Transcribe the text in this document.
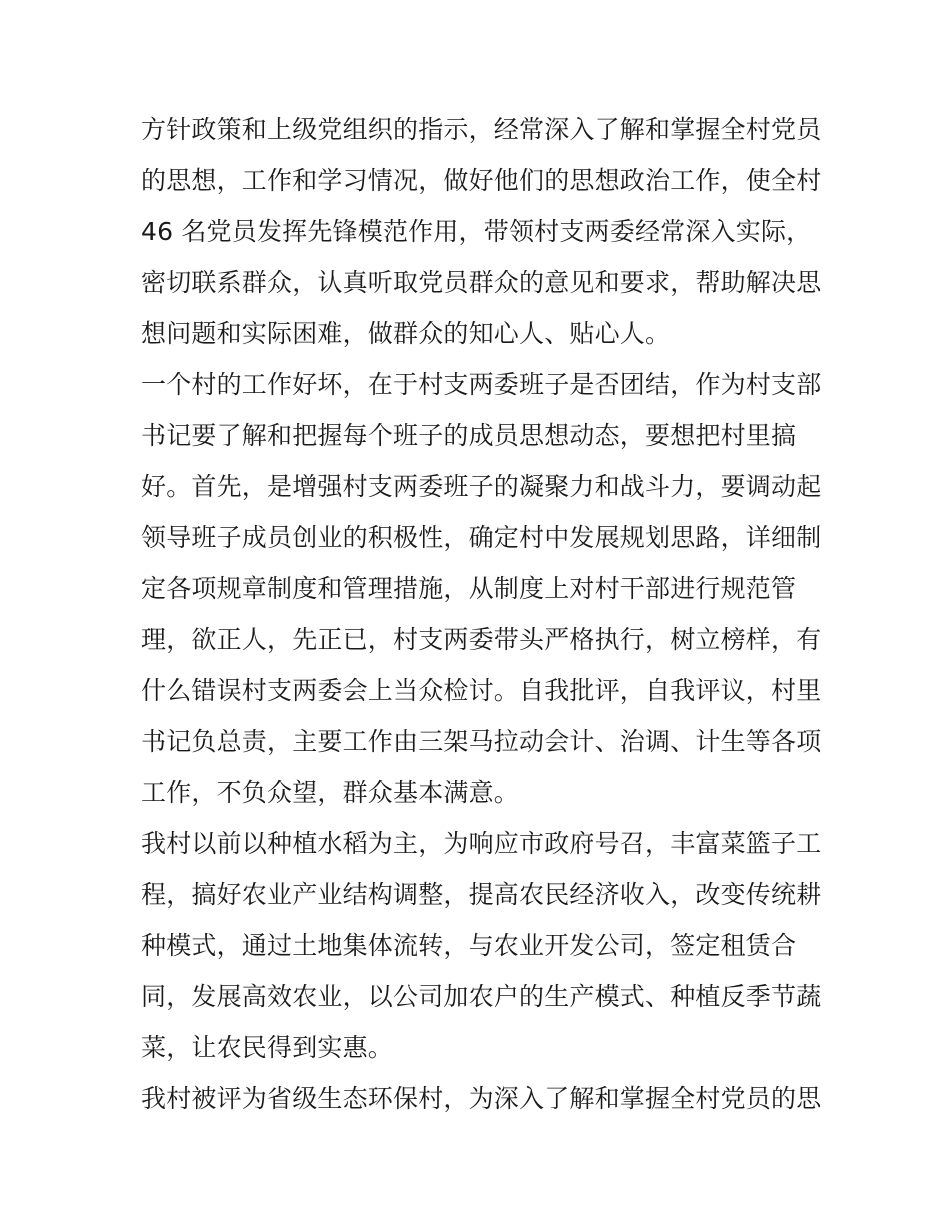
方针政策和上级党组织的指示，经常深入了解和掌握全村党员
的思想，工作和学习情况，做好他们的思想政治工作，使全村
46 名党员发挥先锋模范作用，带领村支两委经常深入实际，
密切联系群众，认真听取党员群众的意见和要求，帮助解决思
想问题和实际困难，做群众的知心人、贴心人。
一个村的工作好坏，在于村支两委班子是否团结，作为村支部
书记要了解和把握每个班子的成员思想动态，要想把村里搞
好。首先，是增强村支两委班子的凝聚力和战斗力，要调动起
领导班子成员创业的积极性，确定村中发展规划思路，详细制
定各项规章制度和管理措施，从制度上对村干部进行规范管
理，欲正人，先正已，村支两委带头严格执行，树立榜样，有
什么错误村支两委会上当众检讨。自我批评，自我评议，村里
书记负总责，主要工作由三架马拉动会计、治调、计生等各项
工作，不负众望，群众基本满意。
我村以前以种植水稻为主，为响应市政府号召，丰富菜篮子工
程，搞好农业产业结构调整，提高农民经济收入，改变传统耕
种模式，通过土地集体流转，与农业开发公司，签定租赁合
同，发展高效农业，以公司加农户的生产模式、种植反季节蔬
菜，让农民得到实惠。
我村被评为省级生态环保村，为深入了解和掌握全村党员的思
